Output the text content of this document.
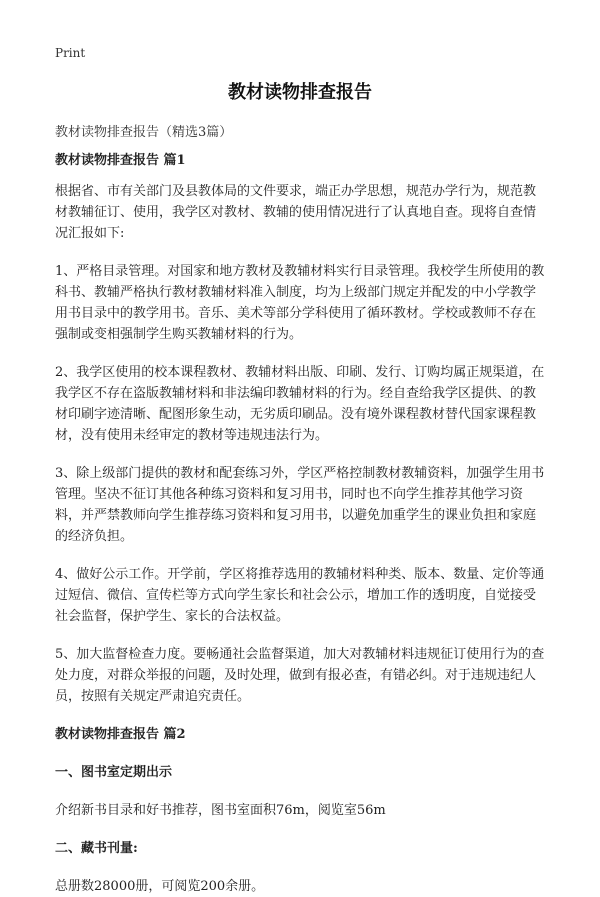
Print
教材读物排查报告
教材读物排查报告（精选3篇）

教材读物排查报告 篇1

根据省、市有关部门及县教体局的文件要求，端正办学思想，规范办学行为，规范教材教辅征订、使用，我学区对教材、教辅的使用情况进行了认真地自查。现将自查情况汇报如下:

1、严格目录管理。对国家和地方教材及教辅材料实行目录管理。我校学生所使用的教科书、教辅严格执行教材教辅材料准入制度，均为上级部门规定并配发的中小学教学用书目录中的教学用书。音乐、美术等部分学科使用了循环教材。学校或教师不存在强制或变相强制学生购买教辅材料的行为。

2、我学区使用的校本课程教材、教辅材料出版、印刷、发行、订购均属正规渠道，在我学区不存在盗版教辅材料和非法编印教辅材料的行为。经自查给我学区提供、的教材印刷字迹清晰、配图形象生动，无劣质印刷品。没有境外课程教材替代国家课程教材，没有使用未经审定的教材等违规违法行为。

3、除上级部门提供的教材和配套练习外，学区严格控制教材教辅资料，加强学生用书管理。坚决不征订其他各种练习资料和复习用书，同时也不向学生推荐其他学习资料，并严禁教师向学生推荐练习资料和复习用书，以避免加重学生的课业负担和家庭的经济负担。

4、做好公示工作。开学前，学区将推荐选用的教辅材料种类、版本、数量、定价等通过短信、微信、宣传栏等方式向学生家长和社会公示，增加工作的透明度，自觉接受社会监督，保护学生、家长的合法权益。

5、加大监督检查力度。要畅通社会监督渠道，加大对教辅材料违规征订使用行为的查处力度，对群众举报的问题，及时处理，做到有报必查，有错必纠。对于违规违纪人员，按照有关规定严肃追究责任。

教材读物排查报告 篇2

一、图书室定期出示

介绍新书目录和好书推荐，图书室面积76m，阅览室56m

二、藏书刊量:

总册数28000册，可阅览200余册。
